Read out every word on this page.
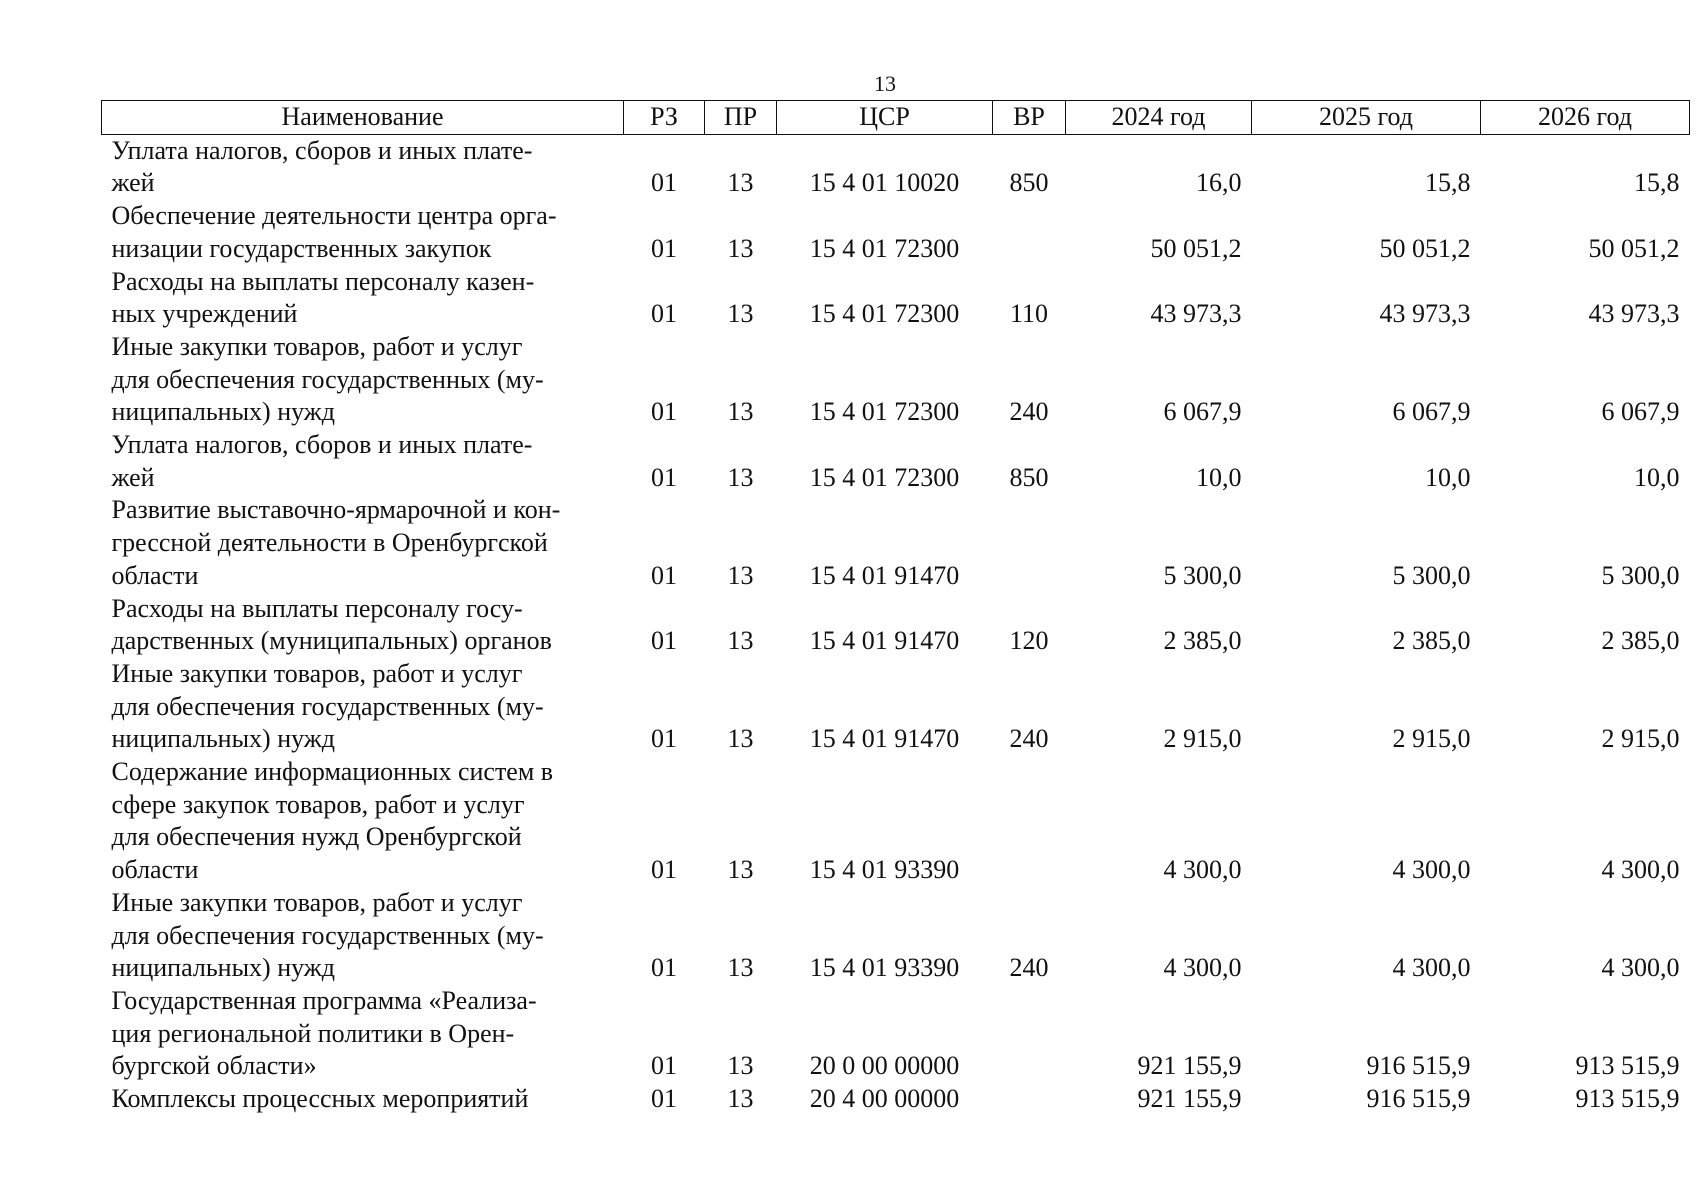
13
Наименование	РЗ	ПР	ЦСР	ВР	2024 год	2025 год	2026 год

Уплата налогов, сборов и иных плате-
жей	01	13	15 4 01 10020	850	16,0	15,8	15,8

Обеспечение деятельности центра орга-
низации государственных закупок	01	13	15 4 01 72300		50 051,2	50 051,2	50 051,2

Расходы на выплаты персоналу казен-
ных учреждений	01	13	15 4 01 72300	110	43 973,3	43 973,3	43 973,3

Иные закупки товаров, работ и услуг
для обеспечения государственных (му-
ниципальных) нужд	01	13	15 4 01 72300	240	6 067,9	6 067,9	6 067,9

Уплата налогов, сборов и иных плате-
жей	01	13	15 4 01 72300	850	10,0	10,0	10,0

Развитие выставочно-ярмарочной и кон-
грессной деятельности в Оренбургской
области	01	13	15 4 01 91470		5 300,0	5 300,0	5 300,0

Расходы на выплаты персоналу госу-
дарственных (муниципальных) органов	01	13	15 4 01 91470	120	2 385,0	2 385,0	2 385,0

Иные закупки товаров, работ и услуг
для обеспечения государственных (му-
ниципальных) нужд	01	13	15 4 01 91470	240	2 915,0	2 915,0	2 915,0

Содержание информационных систем в
сфере закупок товаров, работ и услуг
для обеспечения нужд Оренбургской
области	01	13	15 4 01 93390		4 300,0	4 300,0	4 300,0

Иные закупки товаров, работ и услуг
для обеспечения государственных (му-
ниципальных) нужд	01	13	15 4 01 93390	240	4 300,0	4 300,0	4 300,0

Государственная программа «Реализа-
ция региональной политики в Орен-
бургской области»	01	13	20 0 00 00000		921 155,9	916 515,9	913 515,9

Комплексы процессных мероприятий	01	13	20 4 00 00000		921 155,9	916 515,9	913 515,9
